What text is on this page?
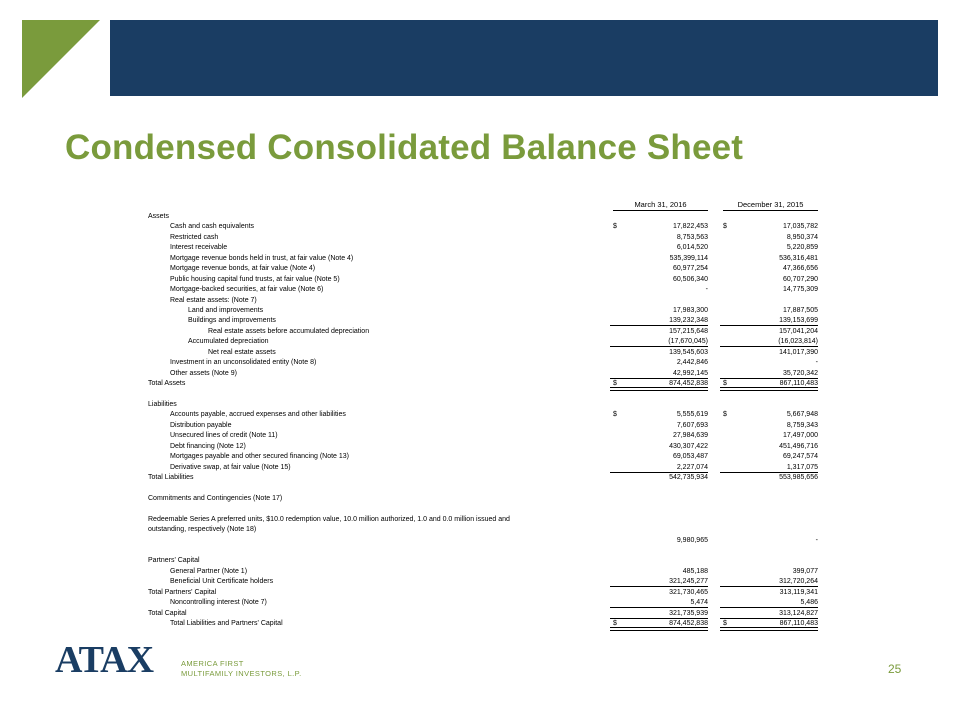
Condensed Consolidated Balance Sheet
March 31, 2016	December 31, 2015
Assets
Cash and cash equivalents	$	17,822,453 $	17,035,782
Restricted cash	8,753,563	8,950,374
Interest receivable	6,014,520	5,220,859
Mortgage revenue bonds held in trust, at fair value (Note 4)	535,399,114	536,316,481
Mortgage revenue bonds, at fair value (Note 4)	60,977,254	47,366,656
Public housing capital fund trusts, at fair value (Note 5)	60,506,340	60,707,290
Mortgage-backed securities, at fair value (Note 6)	-	14,775,309
Real estate assets: (Note 7)
Land and improvements	17,983,300	17,887,505
Buildings and improvements	139,232,348	139,153,699
Real estate assets before accumulated depreciation	157,215,648	157,041,204
Accumulated depreciation	(17,670,045)	(16,023,814)
Net real estate assets	139,545,603	141,017,390
Investment in an unconsolidated entity (Note 8)	2,442,846	-
Other assets (Note 9)	42,992,145	35,720,342
Total Assets	$	874,452,838 $	867,110,483
Liabilities
Accounts payable, accrued expenses and other liabilities	$	5,555,619 $	5,667,948
Distribution payable	7,607,693	8,759,343
Unsecured lines of credit (Note 11)	27,984,639	17,497,000
Debt financing (Note 12)	430,307,422	451,496,716
Mortgages payable and other secured financing (Note 13)	69,053,487	69,247,574
Derivative swap, at fair value (Note 15)	2,227,074	1,317,075
Total Liabilities	542,735,934	553,985,656
Commitments and Contingencies (Note 17)
Redeemable Series A preferred units, $10.0 redemption value, 10.0 million authorized, 1.0 and 0.0 million issued and
outstanding, respectively (Note 18)
9,980,965	-
Partners' Capital
General Partner (Note 1)	485,188	399,077
Beneficial Unit Certificate holders	321,245,277	312,720,264
Total Partners' Capital	321,730,465	313,119,341
Noncontrolling interest (Note 7)	5,474	5,486
Total Capital	321,735,939	313,124,827
Total Liabilities and Partners' Capital	$	874,452,838 $	867,110,483
ATAX	AMERICA FIRST
MULTIFAMILY INVESTORS, L.P.	25
